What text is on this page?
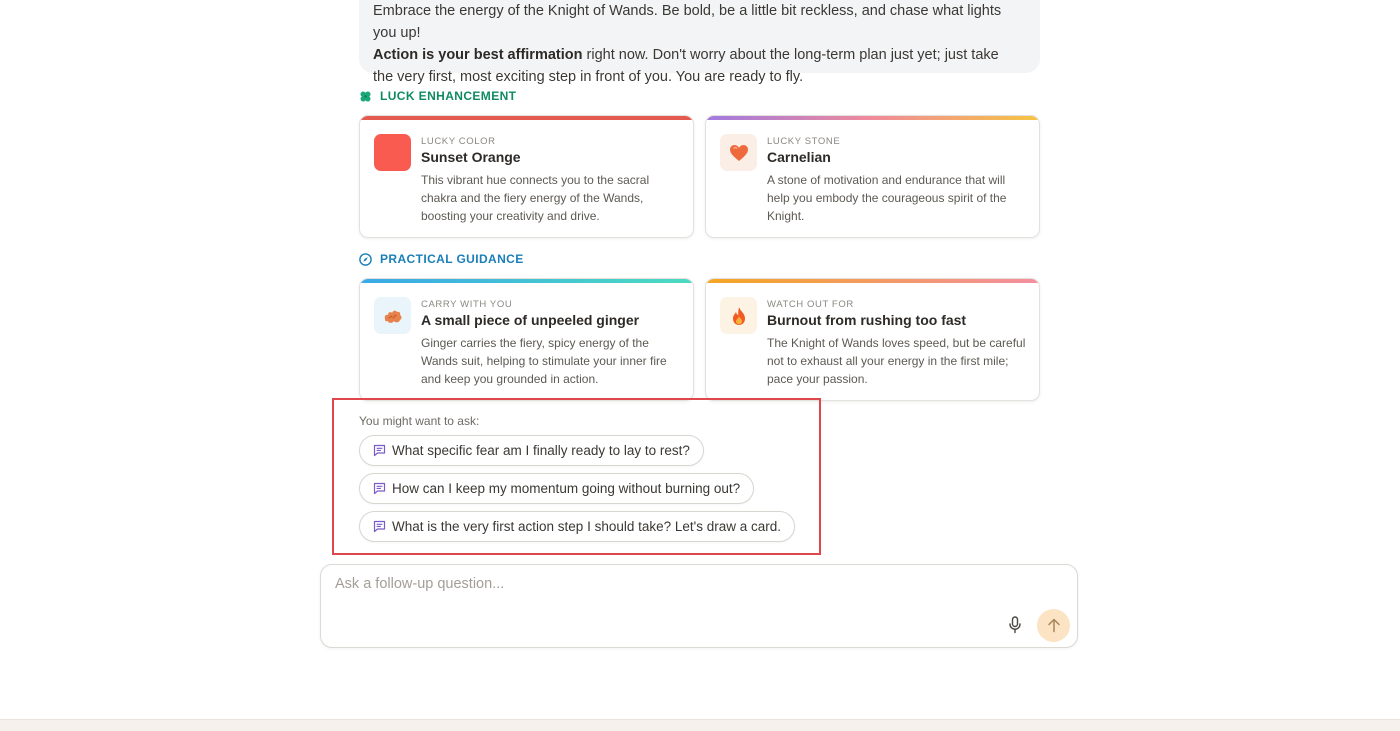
Embrace the energy of the Knight of Wands. Be bold, be a little bit reckless, and chase what lights you up!
Action is your best affirmation right now. Don't worry about the long-term plan just yet; just take the very first, most exciting step in front of you. You are ready to fly.
LUCK ENHANCEMENT
LUCKY COLOR
Sunset Orange
This vibrant hue connects you to the sacral chakra and the fiery energy of the Wands, boosting your creativity and drive.
LUCKY STONE
Carnelian
A stone of motivation and endurance that will help you embody the courageous spirit of the Knight.
PRACTICAL GUIDANCE
CARRY WITH YOU
A small piece of unpeeled ginger
Ginger carries the fiery, spicy energy of the Wands suit, helping to stimulate your inner fire and keep you grounded in action.
WATCH OUT FOR
Burnout from rushing too fast
The Knight of Wands loves speed, but be careful not to exhaust all your energy in the first mile; pace your passion.
You might want to ask:
What specific fear am I finally ready to lay to rest?
How can I keep my momentum going without burning out?
What is the very first action step I should take? Let's draw a card.
Ask a follow-up question...
